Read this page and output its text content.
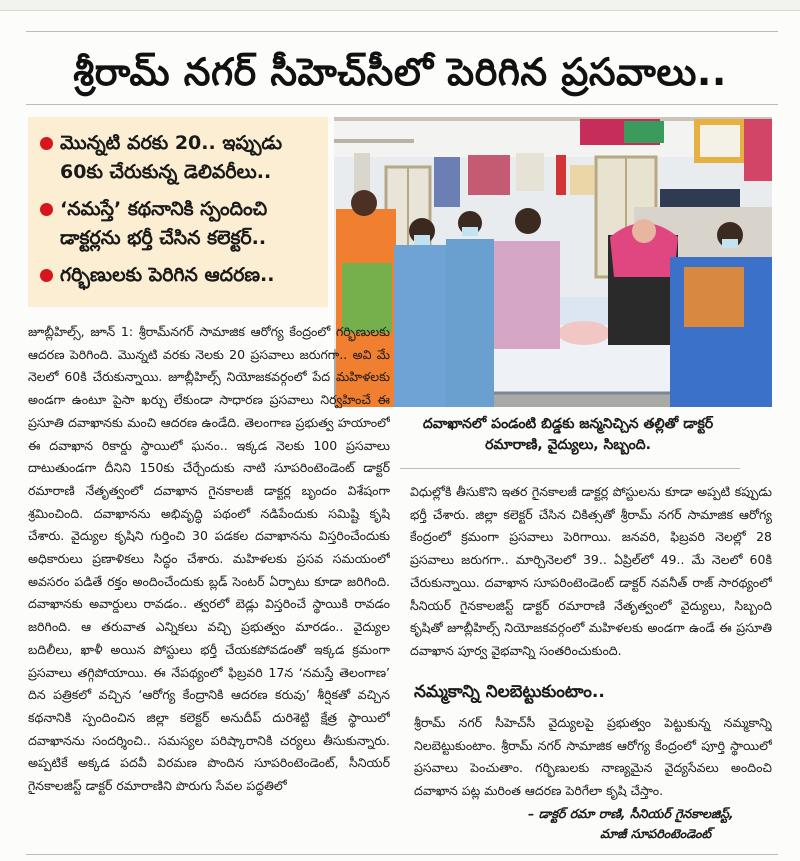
శ్రీరామ్ నగర్ సీహెచ్‌సీలో పెరిగిన ప్రసవాలు..
మొన్నటి వరకు 20.. ఇప్పుడు 60కు చేరుకున్న డెలివరీలు..
‘నమస్తే’ కథనానికి స్పందించి డాక్టర్లను భర్తీ చేసిన కలెక్టర్..
గర్భిణులకు పెరిగిన ఆదరణ..
దవాఖానలో పండంటి బిడ్డకు జన్మనిచ్చిన తల్లితో డాక్టర్ రమారాణి, వైద్యులు, సిబ్బంది.

జూబ్లీహిల్స్, జూన్ 1: శ్రీరామ్‌నగర్ సామాజిక ఆరోగ్య కేంద్రంలో గర్భిణులకు ఆదరణ పెరిగింది. మొన్నటి వరకు నెలకు 20 ప్రసవాలు జరుగగా.. అవి మే నెలలో 60కి చేరుకున్నాయి. జూబ్లీహిల్స్ నియోజకవర్గంలో పేద మహిళలకు అండగా ఉంటూ పైసా ఖర్చు లేకుండా సాధారణ ప్రసవాలు నిర్వహించే ఈ ప్రసూతి దవాఖానకు మంచి ఆదరణ ఉండేది. తెలంగాణ ప్రభుత్వ హయాంలో ఈ దవాఖాన రికార్డు స్థాయిలో ఘనం.. ఇక్కడ నెలకు 100 ప్రసవాలు దాటుతుండగా దీనిని 150కు చేర్చేందుకు నాటి సూపరింటెండెంట్ డాక్టర్ రమారాణి నేతృత్వంలో దవాఖాన గైనకాలజీ డాక్టర్ల బృందం విశేషంగా శ్రమించింది. దవాఖానను అభివృద్ధి పథంలో నడిపేందుకు సమిష్టి కృషి చేశారు. వైద్యుల కృషిని గుర్తించి 30 పడకల దవాఖానను విస్తరించేందుకు అధికారులు ప్రణాళికలు సిద్ధం చేశారు. మహిళలకు ప్రసవ సమయంలో అవసరం పడితే రక్తం అందించేందుకు బ్లడ్ సెంటర్ ఏర్పాటు కూడా జరిగింది. దవాఖానకు అవార్డులు రావడం.. త్వరలో బెడ్లు విస్తరించే స్థాయికి రావడం జరిగింది. ఆ తరువాత ఎన్నికలు వచ్చి ప్రభుత్వం మారడం.. వైద్యుల బదిలీలు, ఖాళీ అయిన పోస్టులు భర్తీ చేయకపోవడంతో ఇక్కడ క్రమంగా ప్రసవాలు తగ్గిపోయాయి. ఈ నేపథ్యంలో ఫిబ్రవరి 17న ‘నమస్తే తెలంగాణ’ దిన పత్రికలో వచ్చిన ‘ఆరోగ్య కేంద్రానికి ఆదరణ కరువు’ శీర్షికతో వచ్చిన కథనానికి స్పందించిన జిల్లా కలెక్టర్ అనుదీప్ దురిశెట్టి క్షేత్ర స్థాయిలో దవాఖానను సందర్శించి.. సమస్యల పరిష్కారానికి చర్యలు తీసుకున్నారు. అప్పటికే అక్కడ పదవీ విరమణ పొందిన సూపరింటెండెంట్, సీనియర్ గైనకాలజిస్ట్ డాక్టర్ రమారాణిని పొరుగు సేవల పద్ధతిలో

విధుల్లోకి తీసుకొని ఇతర గైనకాలజీ డాక్టర్ల పోస్టులను కూడా అప్పటి కప్పుడు భర్తీ చేశారు. జిల్లా కలెక్టర్ చేసిన చికిత్సతో శ్రీరామ్ నగర్ సామాజిక ఆరోగ్య కేంద్రంలో క్రమంగా ప్రసవాలు పెరిగాయి. జనవరి, ఫిబ్రవరి నెలల్లో 28 ప్రసవాలు జరుగగా.. మార్చినెలలో 39.. ఏప్రిల్‌లో 49.. మే నెలలో 60కి చేరుకున్నాయి. దవాఖాన సూపరింటెండెంట్ డాక్టర్ నవనీత్ రాజ్ సారథ్యంలో సీనియర్ గైనకాలజిస్ట్ డాక్టర్ రమారాణి నేతృత్వంలో వైద్యులు, సిబ్బంది కృషితో జూబ్లీహిల్స్ నియోజకవర్గంలో మహిళలకు అండగా ఉండే ఈ ప్రసూతి దవాఖాన పూర్వ వైభవాన్ని సంతరించుకుంది.

నమ్మకాన్ని నిలబెట్టుకుంటాం..

శ్రీరామ్ నగర్ సీహెచ్‌సీ వైద్యులపై ప్రభుత్వం పెట్టుకున్న నమ్మకాన్ని నిలబెట్టుకుంటాం. శ్రీరామ్ నగర్ సామాజిక ఆరోగ్య కేంద్రంలో పూర్తి స్థాయిలో ప్రసవాలు పెంచుతాం. గర్భిణులకు నాణ్యమైన వైద్యసేవలు అందించి దవాఖాన పట్ల మరింత ఆదరణ పెరిగేలా కృషి చేస్తాం.

– డాక్టర్ రమా రాణి, సీనియర్ గైనకాలజిస్ట్,
మాజీ సూపరింటెండెంట్
